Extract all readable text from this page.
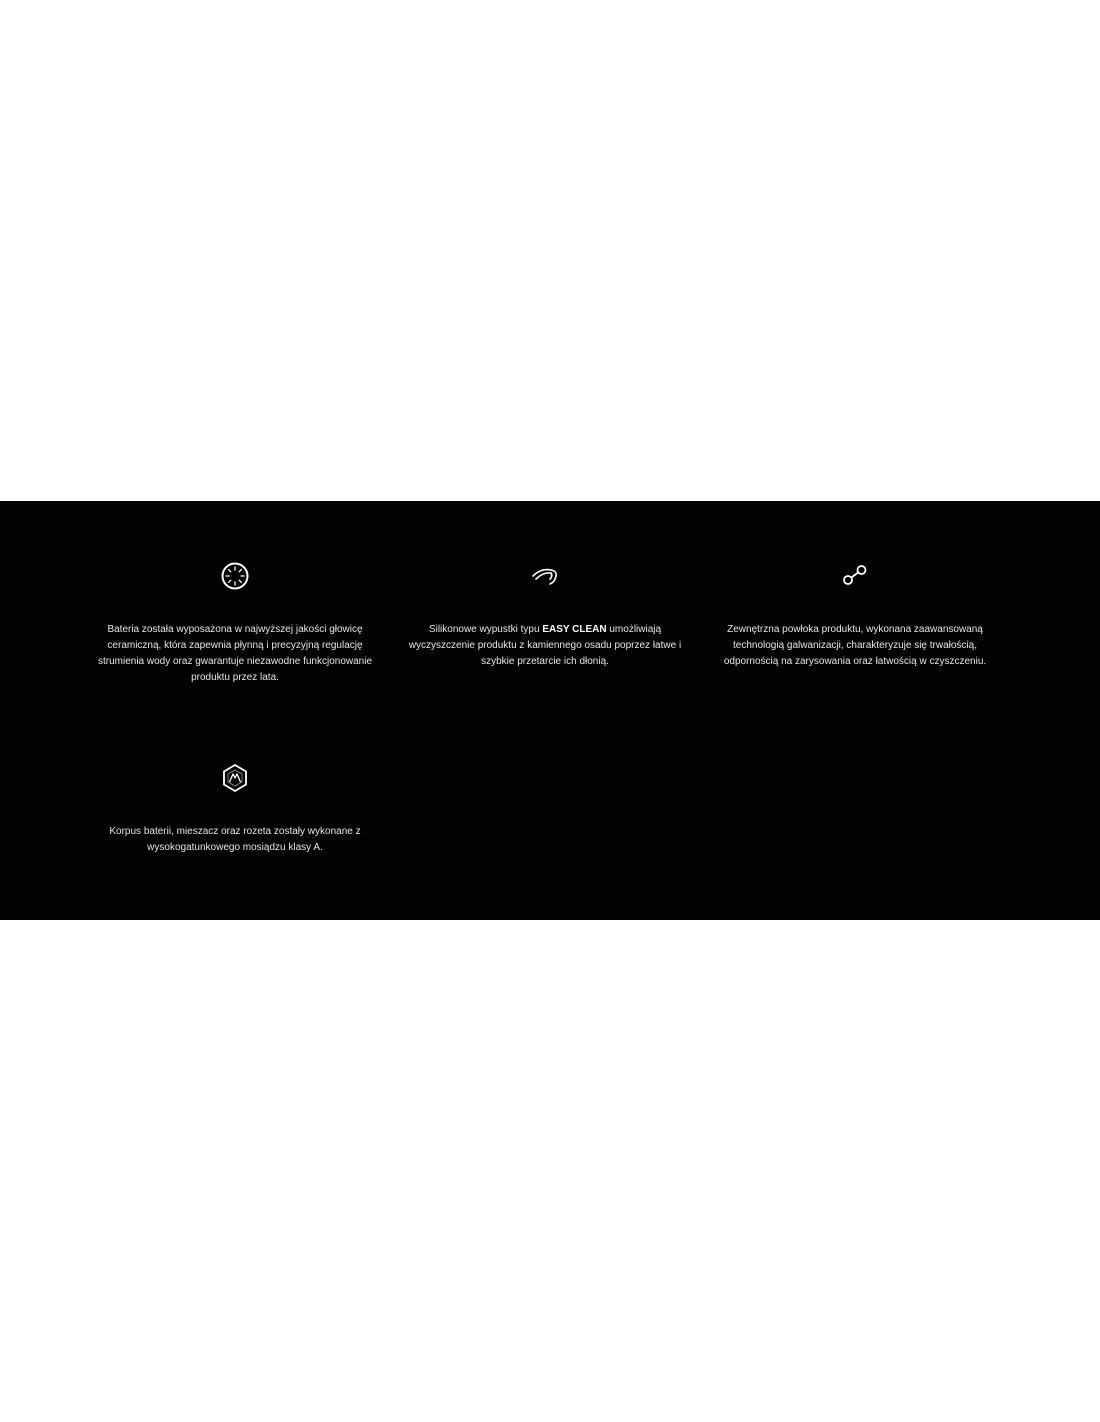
Bateria została wyposażona w najwyższej jakości głowicę ceramiczną, która zapewnia płynną i precyzyjną regulację strumienia wody oraz gwarantuje niezawodne funkcjonowanie produktu przez lata.
Silikonowe wypustki typu EASY CLEAN umożliwiają wyczyszczenie produktu z kamiennego osadu poprzez łatwe i szybkie przetarcie ich dłonią.
Zewnętrzna powłoka produktu, wykonana zaawansowaną technologią galwanizacji, charakteryzuje się trwałością, odpornością na zarysowania oraz łatwością w czyszczeniu.
Korpus baterii, mieszacz oraz rozeta zostały wykonane z wysokogatunkowego mosiądzu klasy A.
